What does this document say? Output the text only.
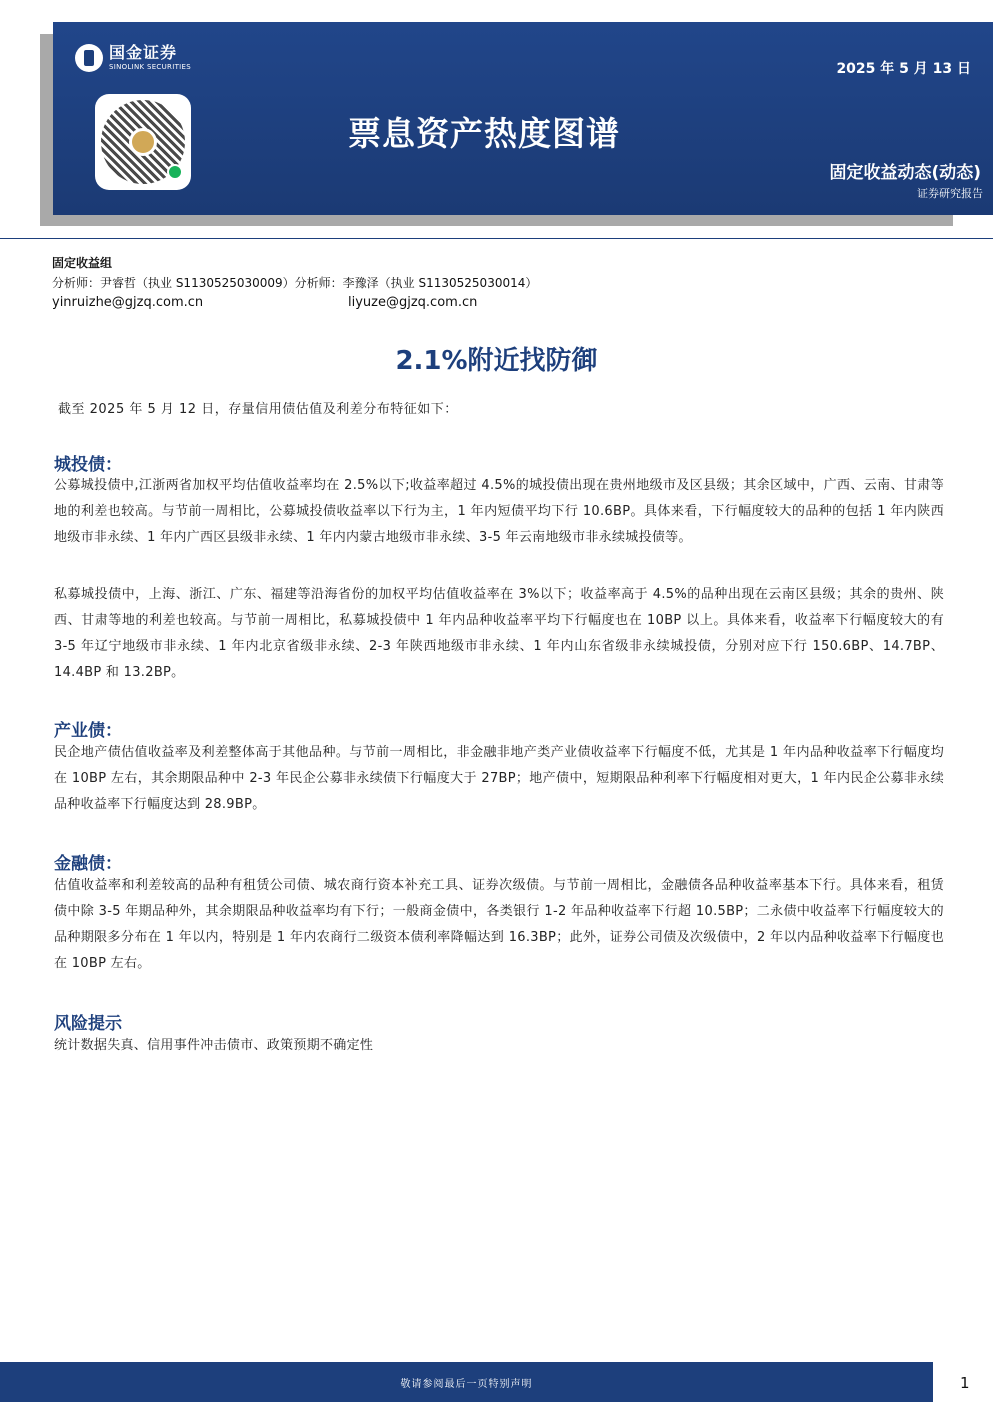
国金证券
SINOLINK SECURITIES	2025 年 5 月 13 日
票息资产热度图谱
固定收益动态(动态)
证券研究报告
固定收益组
分析师：尹睿哲（执业 S1130525030009）分析师：李豫泽（执业 S1130525030014）
yinruizhe@gjzq.com.cn	liyuze@gjzq.com.cn
2.1%附近找防御
截至 2025 年 5 月 12 日，存量信用债估值及利差分布特征如下：
城投债：
公募城投债中,江浙两省加权平均估值收益率均在 2.5%以下;收益率超过 4.5%的城投债出现在贵州地级市及区县级；其余区域中，广西、云南、甘肃等地的利差也较高。与节前一周相比，公募城投债收益率以下行为主，1 年内短债平均下行 10.6BP。具体来看，下行幅度较大的品种的包括 1 年内陕西地级市非永续、1 年内广西区县级非永续、1 年内内蒙古地级市非永续、3-5 年云南地级市非永续城投债等。
私募城投债中，上海、浙江、广东、福建等沿海省份的加权平均估值收益率在 3%以下；收益率高于 4.5%的品种出现在云南区县级；其余的贵州、陕西、甘肃等地的利差也较高。与节前一周相比，私募城投债中 1 年内品种收益率平均下行幅度也在 10BP 以上。具体来看，收益率下行幅度较大的有 3-5 年辽宁地级市非永续、1 年内北京省级非永续、2-3 年陕西地级市非永续、1 年内山东省级非永续城投债，分别对应下行 150.6BP、14.7BP、14.4BP 和 13.2BP。
产业债：
民企地产债估值收益率及利差整体高于其他品种。与节前一周相比，非金融非地产类产业债收益率下行幅度不低，尤其是 1 年内品种收益率下行幅度均在 10BP 左右，其余期限品种中 2-3 年民企公募非永续债下行幅度大于 27BP；地产债中，短期限品种利率下行幅度相对更大，1 年内民企公募非永续品种收益率下行幅度达到 28.9BP。
金融债：
估值收益率和利差较高的品种有租赁公司债、城农商行资本补充工具、证券次级债。与节前一周相比，金融债各品种收益率基本下行。具体来看，租赁债中除 3-5 年期品种外，其余期限品种收益率均有下行；一般商金债中，各类银行 1-2 年品种收益率下行超 10.5BP；二永债中收益率下行幅度较大的品种期限多分布在 1 年以内，特别是 1 年内农商行二级资本债利率降幅达到 16.3BP；此外，证券公司债及次级债中，2 年以内品种收益率下行幅度也在 10BP 左右。
风险提示
统计数据失真、信用事件冲击债市、政策预期不确定性
敬请参阅最后一页特别声明	1
